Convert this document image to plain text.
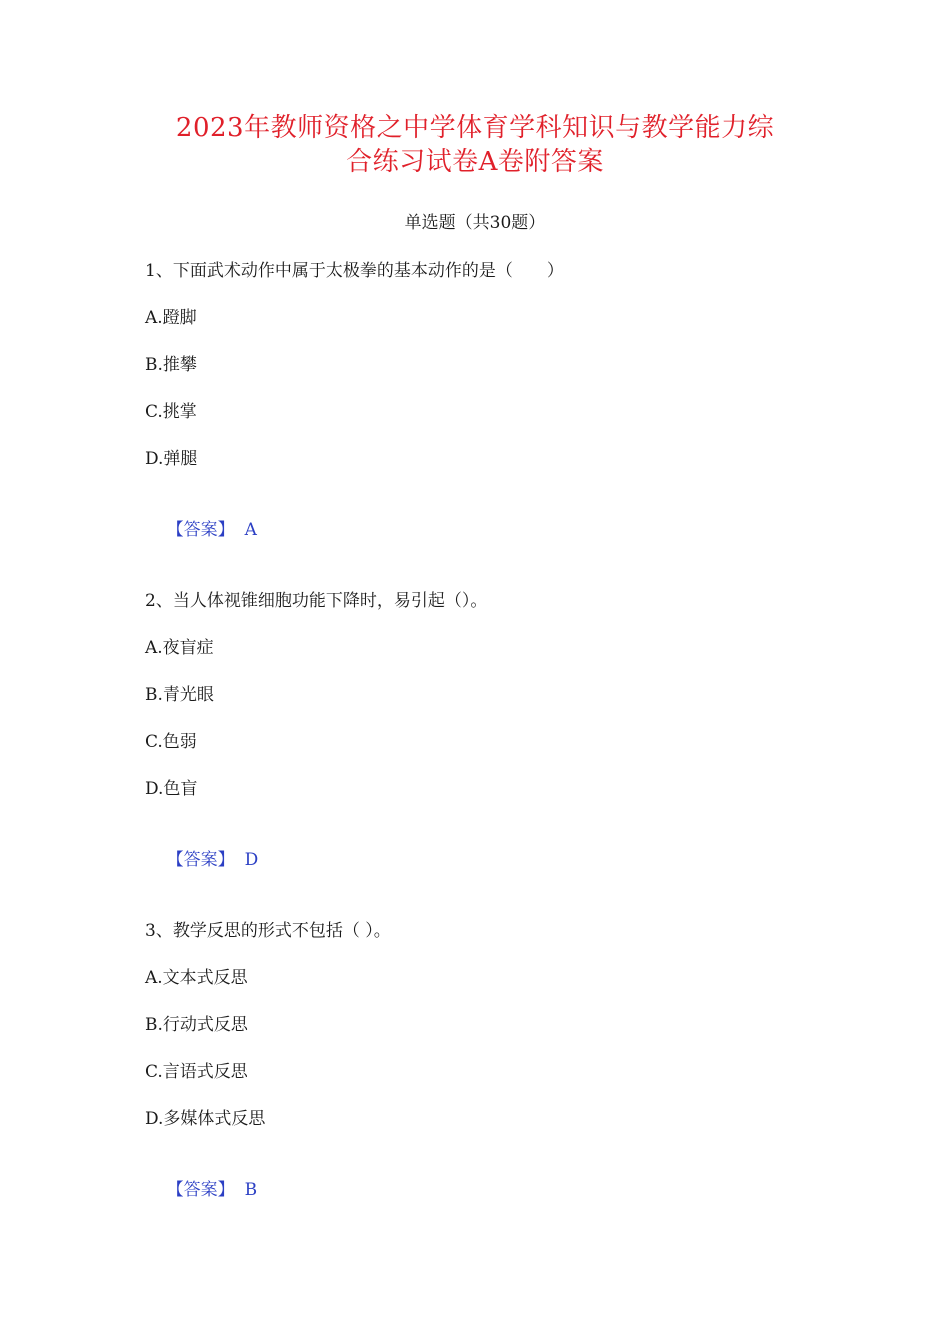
2023年教师资格之中学体育学科知识与教学能力综
合练习试卷A卷附答案
单选题（共30题）
1、下面武术动作中属于太极拳的基本动作的是（　　）
A.蹬脚
B.推攀
C.挑掌
D.弹腿

【答案】 A

2、当人体视锥细胞功能下降时，易引起（）。
A.夜盲症
B.青光眼
C.色弱
D.色盲

【答案】 D

3、教学反思的形式不包括（ ）。
A.文本式反思
B.行动式反思
C.言语式反思
D.多媒体式反思

【答案】 B
